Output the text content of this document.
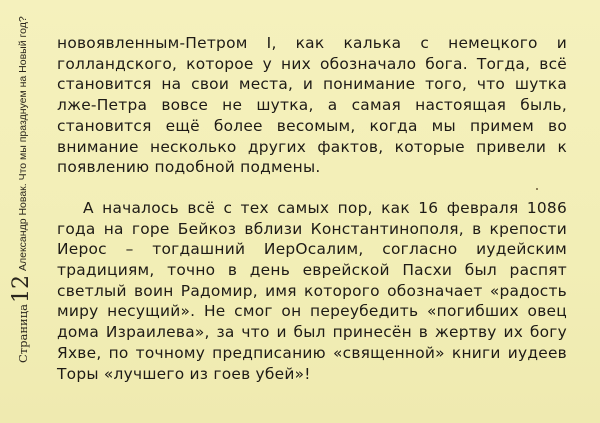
Страница
12
Александр Новак. Что мы празднуем на Новый год? новоявленным-Петром I, как калька с немецкого и голландского, которое у них обозначало бога. Тогда, всё становится на свои места, и понимание того, что шутка лже-Петра вовсе не шутка, а самая настоящая быль, становится ещё более весомым, когда мы примем во внимание несколько других фактов, которые привели к появлению подобной подмены.

А началось всё с тех самых пор, как 16 февраля 1086 года на горе Бейкоз вблизи Константинополя, в крепости Иерос – тогдашний ИерОсалим, согласно иудейским традициям, точно в день еврейской Пасхи был распят светлый воин Радомир, имя которого обозначает «радость миру несущий». Не смог он переубедить «погибших овец дома Израилева», за что и был принесён в жертву их богу Яхве, по точному предписанию «священной» книги иудеев Торы «лучшего из гоев убей»!
